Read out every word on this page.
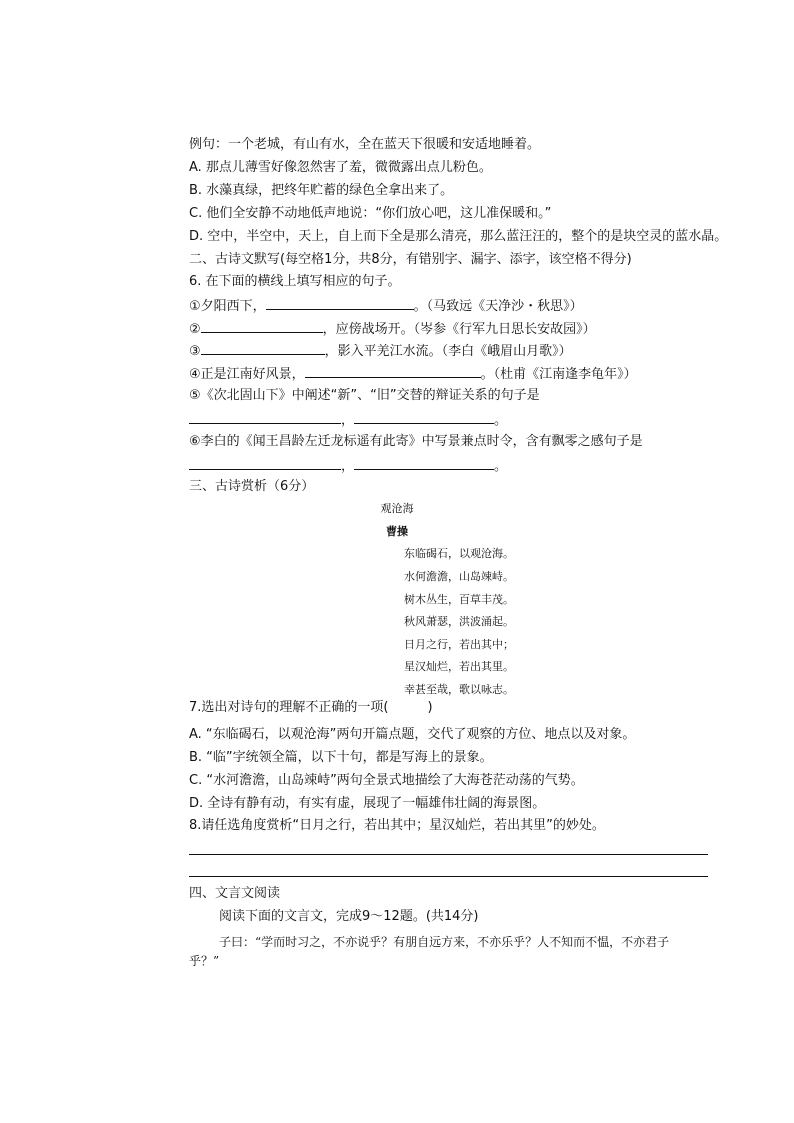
例句：一个老城，有山有水，全在蓝天下很暖和安适地睡着。
A. 那点儿薄雪好像忽然害了羞，微微露出点儿粉色。
B. 水藻真绿，把终年贮蓄的绿色全拿出来了。
C. 他们全安静不动地低声地说：“你们放心吧，这儿准保暖和。”
D. 空中，半空中，天上，自上而下全是那么清亮，那么蓝汪汪的，整个的是块空灵的蓝水晶。
二、古诗文默写(每空格1分，共8分，有错别字、漏字、添字，该空格不得分)
6. 在下面的横线上填写相应的句子。
①夕阳西下，	。（马致远《天净沙・秋思》）
②	，应傍战场开。（岑参《行军九日思长安故园》）
③	，影入平羌江水流。（李白《峨眉山月歌》）
④正是江南好风景，	。（杜甫《江南逢李龟年》）
⑤《次北固山下》中阐述“新”、“旧”交替的辩证关系的句子是
，	。
⑥李白的《闻王昌龄左迁龙标遥有此寄》中写景兼点时令，含有飘零之感句子是
，	。
三、古诗赏析（6分）
观沧海
曹操
东临碣石，以观沧海。
水何澹澹，山岛竦峙。
树木丛生，百草丰茂。
秋风萧瑟，洪波涌起。
日月之行，若出其中；
星汉灿烂，若出其里。
幸甚至哉，歌以咏志。
7.选出对诗句的理解不正确的一项(　　　)
A. “东临碣石，以观沧海”两句开篇点题，交代了观察的方位、地点以及对象。
B. “临”字统领全篇，以下十句，都是写海上的景象。
C. “水河澹澹，山岛竦峙”两句全景式地描绘了大海苍茫动荡的气势。
D. 全诗有静有动，有实有虚，展现了一幅雄伟壮阔的海景图。
8.请任选角度赏析“日月之行，若出其中；星汉灿烂，若出其里”的妙处。
四、文言文阅读
阅读下面的文言文，完成9～12题。(共14分)
子曰：“学而时习之，不亦说乎？有朋自远方来，不亦乐乎？人不知而不愠，不亦君子
乎？”
